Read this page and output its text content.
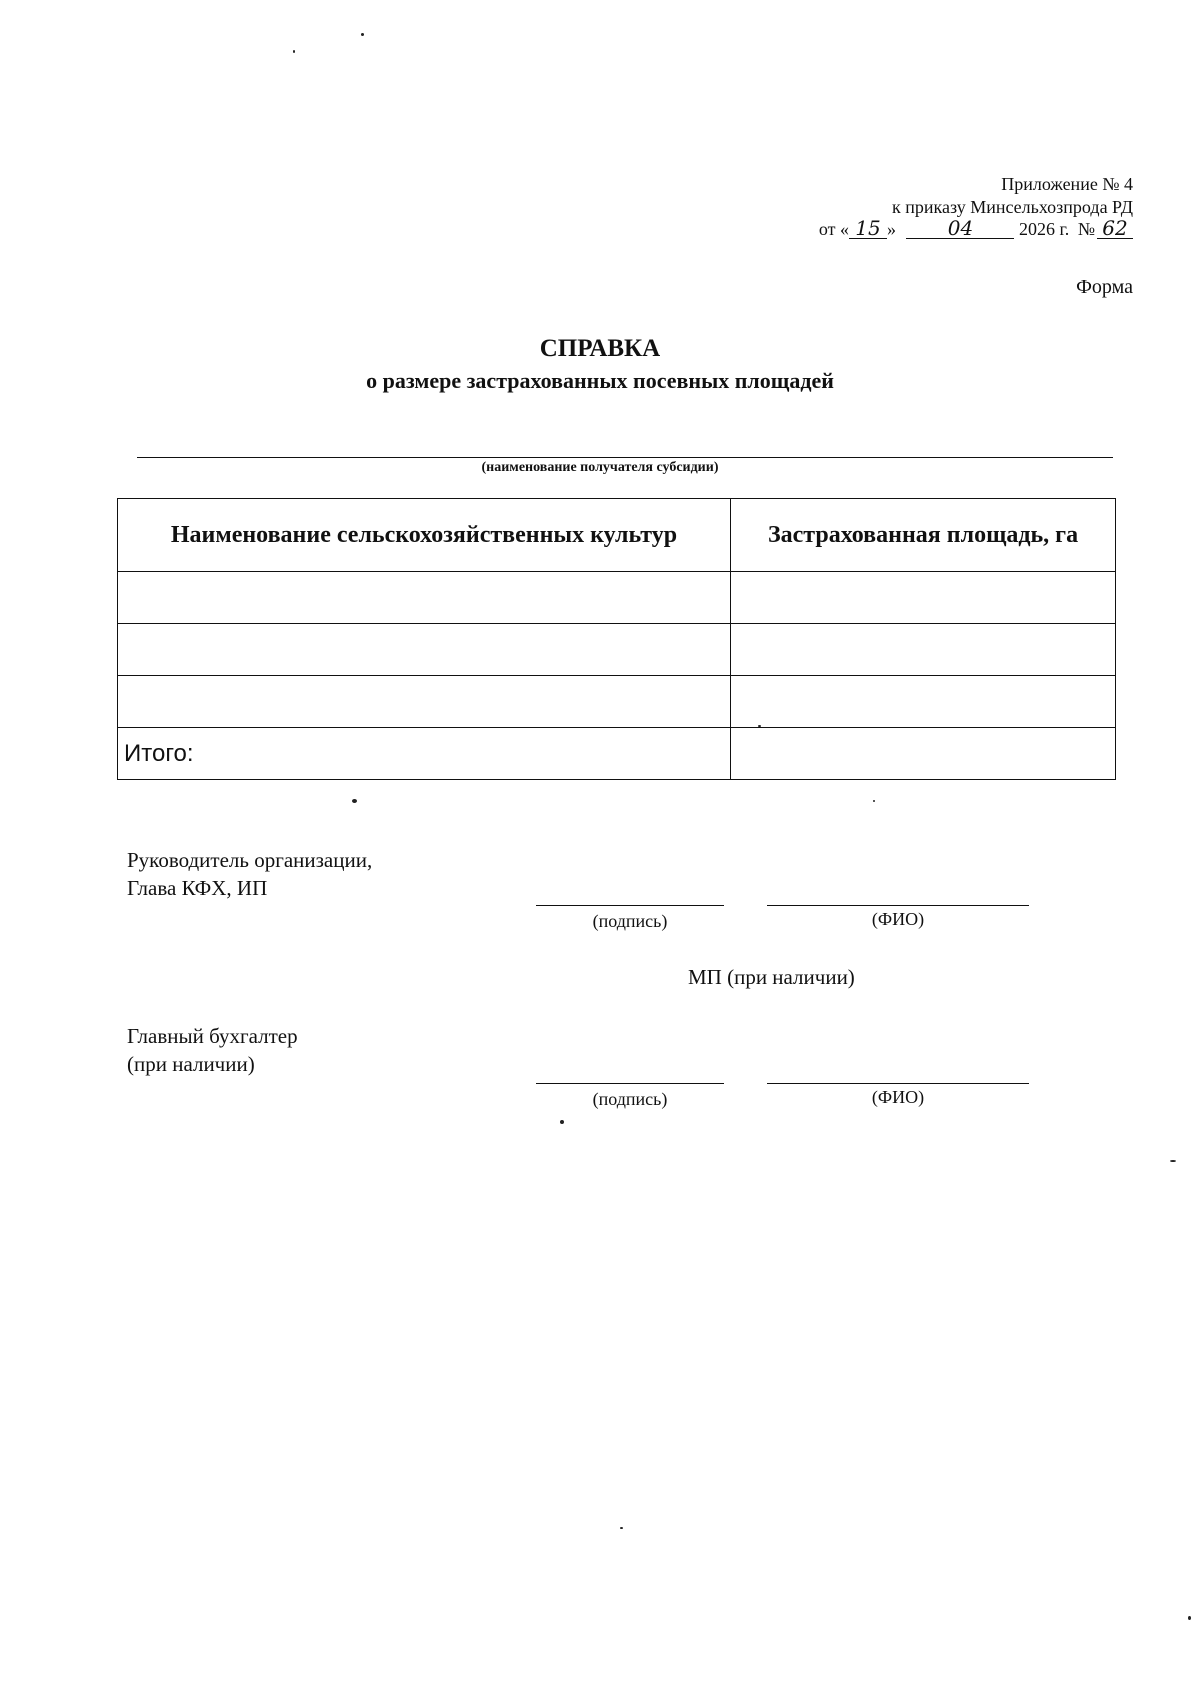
Приложение № 4
к приказу Минсельхозпрода РД
от « 15 »	04	2026 г. № 62
Форма
СПРАВКА
о размере застрахованных посевных площадей
(наименование получателя субсидии)
Наименование сельскохозяйственных культур	Застрахованная площадь, га

Итого:	
Руководитель организации,
Глава КФХ, ИП
(подпись)	(ФИО)
МП (при наличии)
Главный бухгалтер
(при наличии)
(подпись)	(ФИО)
